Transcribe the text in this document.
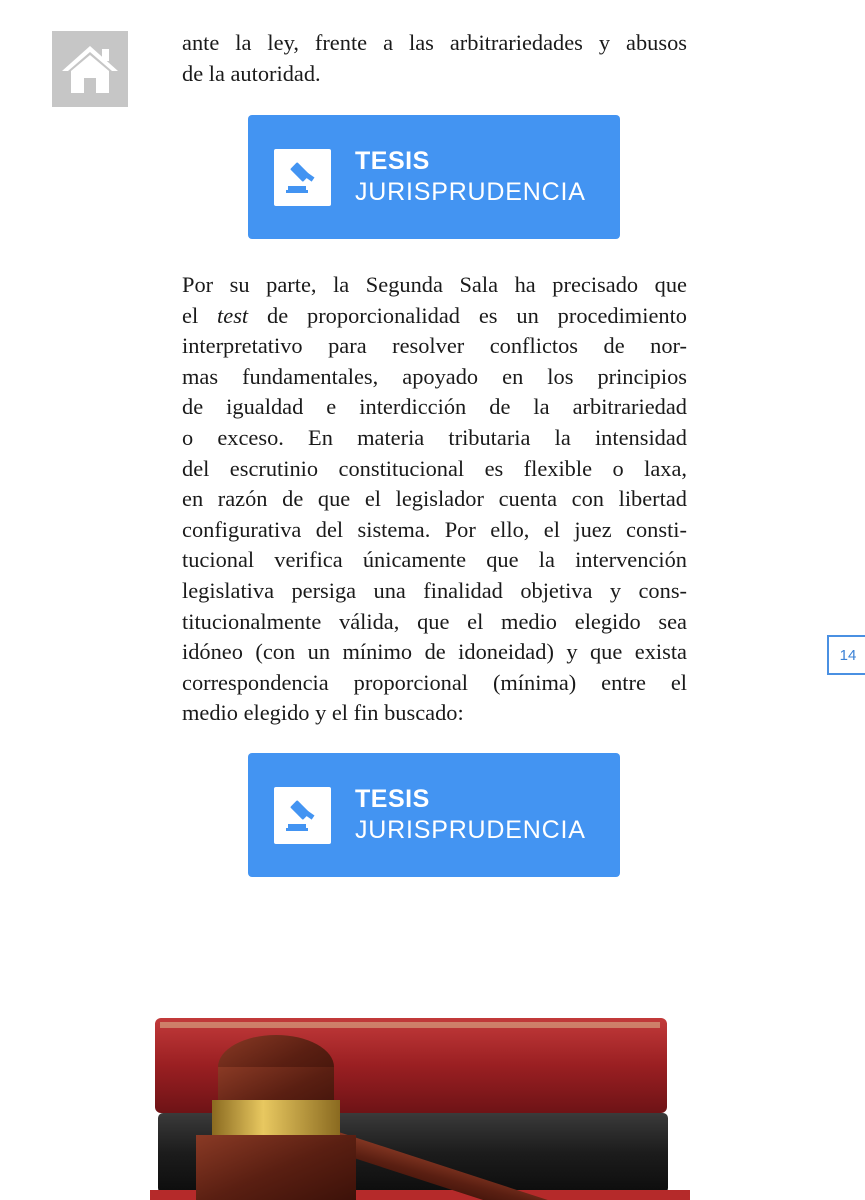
14
ante la ley, frente a las arbitrariedades y abusos
de la autoridad.
TESIS
JURISPRUDENCIA
Por su parte, la Segunda Sala ha precisado que
el test de proporcionalidad es un procedimiento
interpretativo para resolver conflictos de nor-
mas fundamentales, apoyado en los principios
de igualdad e interdicción de la arbitrariedad
o exceso. En materia tributaria la intensidad
del escrutinio constitucional es flexible o laxa,
en razón de que el legislador cuenta con libertad
configurativa del sistema. Por ello, el juez consti-
tucional verifica únicamente que la intervención
legislativa persiga una finalidad objetiva y cons-
titucionalmente válida, que el medio elegido sea
idóneo (con un mínimo de idoneidad) y que exista
correspondencia proporcional (mínima) entre el
medio elegido y el fin buscado:
TESIS
JURISPRUDENCIA
